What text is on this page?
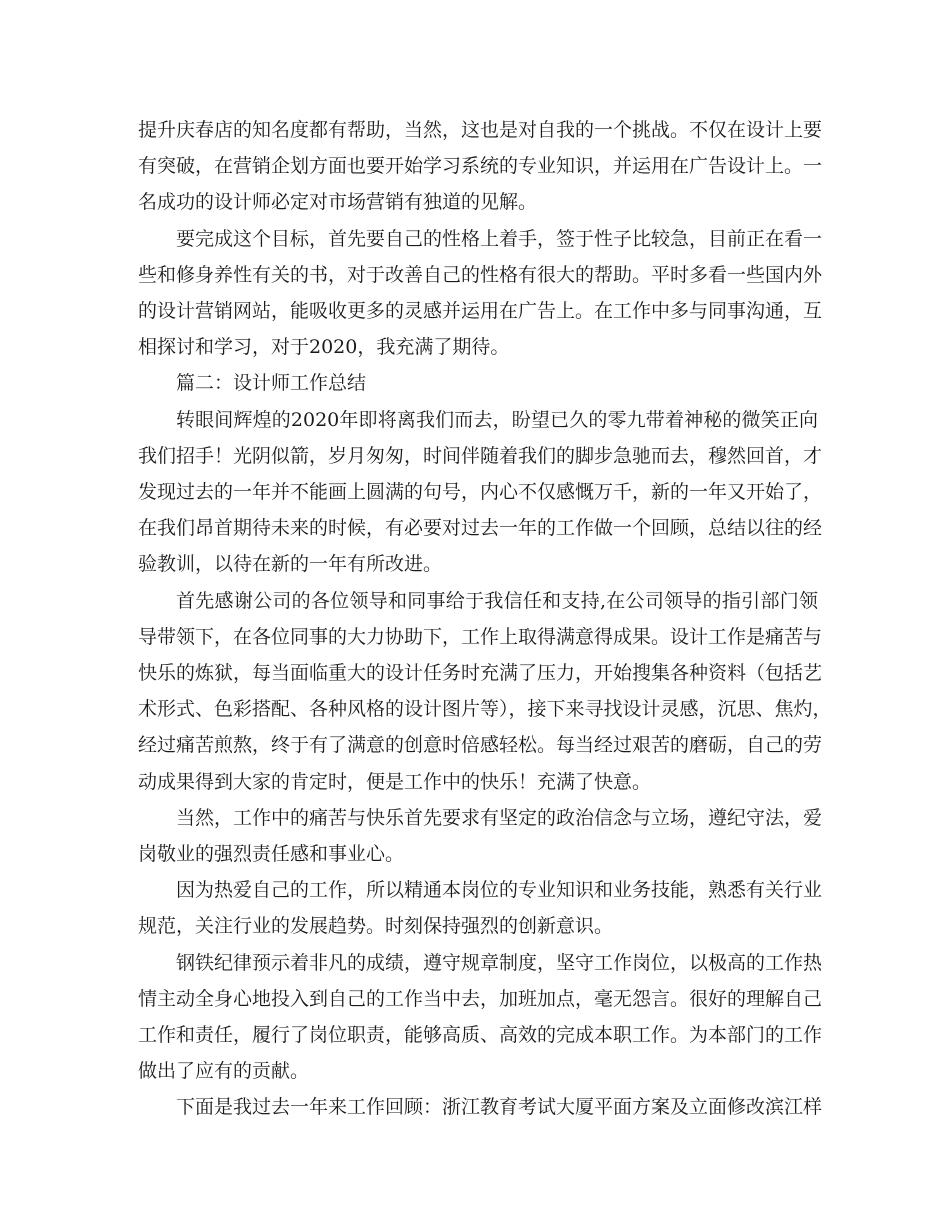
提升庆春店的知名度都有帮助，当然，这也是对自我的一个挑战。不仅在设计上要
有突破，在营销企划方面也要开始学习系统的专业知识，并运用在广告设计上。一
名成功的设计师必定对市场营销有独道的见解。

要完成这个目标，首先要自己的性格上着手，签于性子比较急，目前正在看一
些和修身养性有关的书，对于改善自己的性格有很大的帮助。平时多看一些国内外
的设计营销网站，能吸收更多的灵感并运用在广告上。在工作中多与同事沟通，互
相探讨和学习，对于2020，我充满了期待。

篇二：设计师工作总结

转眼间辉煌的2020年即将离我们而去，盼望已久的零九带着神秘的微笑正向
我们招手！光阴似箭，岁月匆匆，时间伴随着我们的脚步急驰而去，穆然回首，才
发现过去的一年并不能画上圆满的句号，内心不仅感慨万千，新的一年又开始了，
在我们昂首期待未来的时候，有必要对过去一年的工作做一个回顾，总结以往的经
验教训，以待在新的一年有所改进。

首先感谢公司的各位领导和同事给于我信任和支持,在公司领导的指引部门领
导带领下，在各位同事的大力协助下，工作上取得满意得成果。设计工作是痛苦与
快乐的炼狱，每当面临重大的设计任务时充满了压力，开始搜集各种资料（包括艺
术形式、色彩搭配、各种风格的设计图片等），接下来寻找设计灵感，沉思、焦灼，
经过痛苦煎熬，终于有了满意的创意时倍感轻松。每当经过艰苦的磨砺，自己的劳
动成果得到大家的肯定时，便是工作中的快乐！充满了快意。

当然，工作中的痛苦与快乐首先要求有坚定的政治信念与立场，遵纪守法，爱
岗敬业的强烈责任感和事业心。

因为热爱自己的工作，所以精通本岗位的专业知识和业务技能，熟悉有关行业
规范，关注行业的发展趋势。时刻保持强烈的创新意识。

钢铁纪律预示着非凡的成绩，遵守规章制度，坚守工作岗位，以极高的工作热
情主动全身心地投入到自己的工作当中去，加班加点，毫无怨言。很好的理解自己
工作和责任，履行了岗位职责，能够高质、高效的完成本职工作。为本部门的工作
做出了应有的贡献。

下面是我过去一年来工作回顾：浙江教育考试大厦平面方案及立面修改滨江样
